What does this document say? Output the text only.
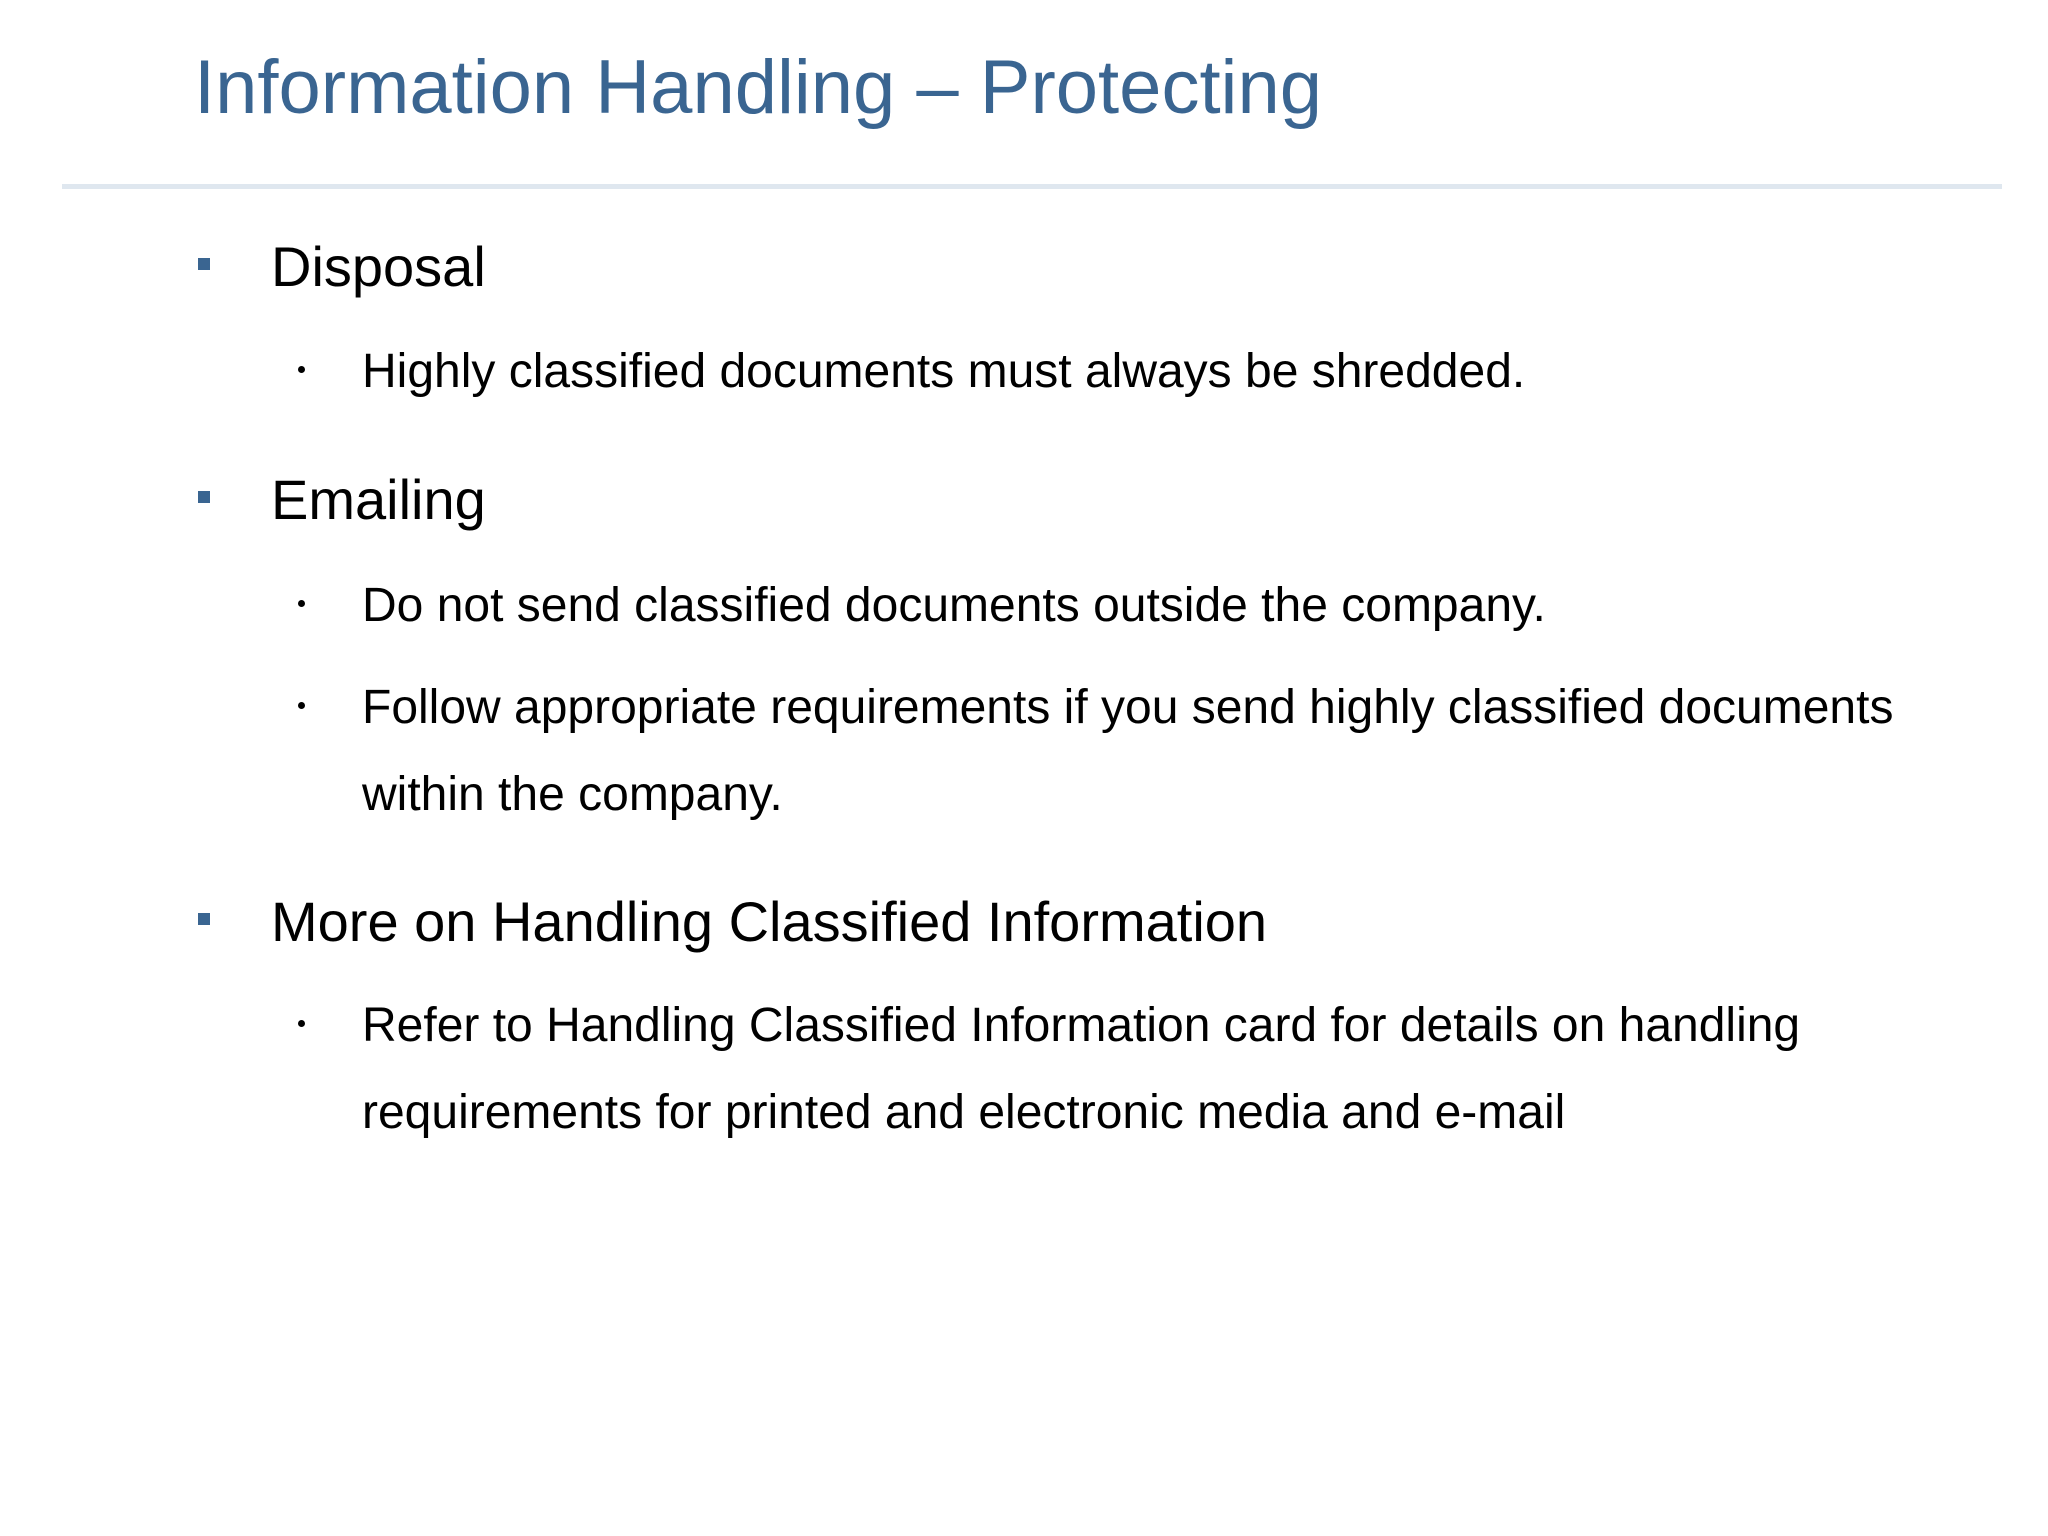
Information Handling – Protecting
Disposal
Highly classified documents must always be shredded.
Emailing
Do not send classified documents outside the company.
Follow appropriate requirements if you send highly classified documents within the company.
More on Handling Classified Information
Refer to Handling Classified Information card for details on handling requirements for printed and electronic media and e-mail
